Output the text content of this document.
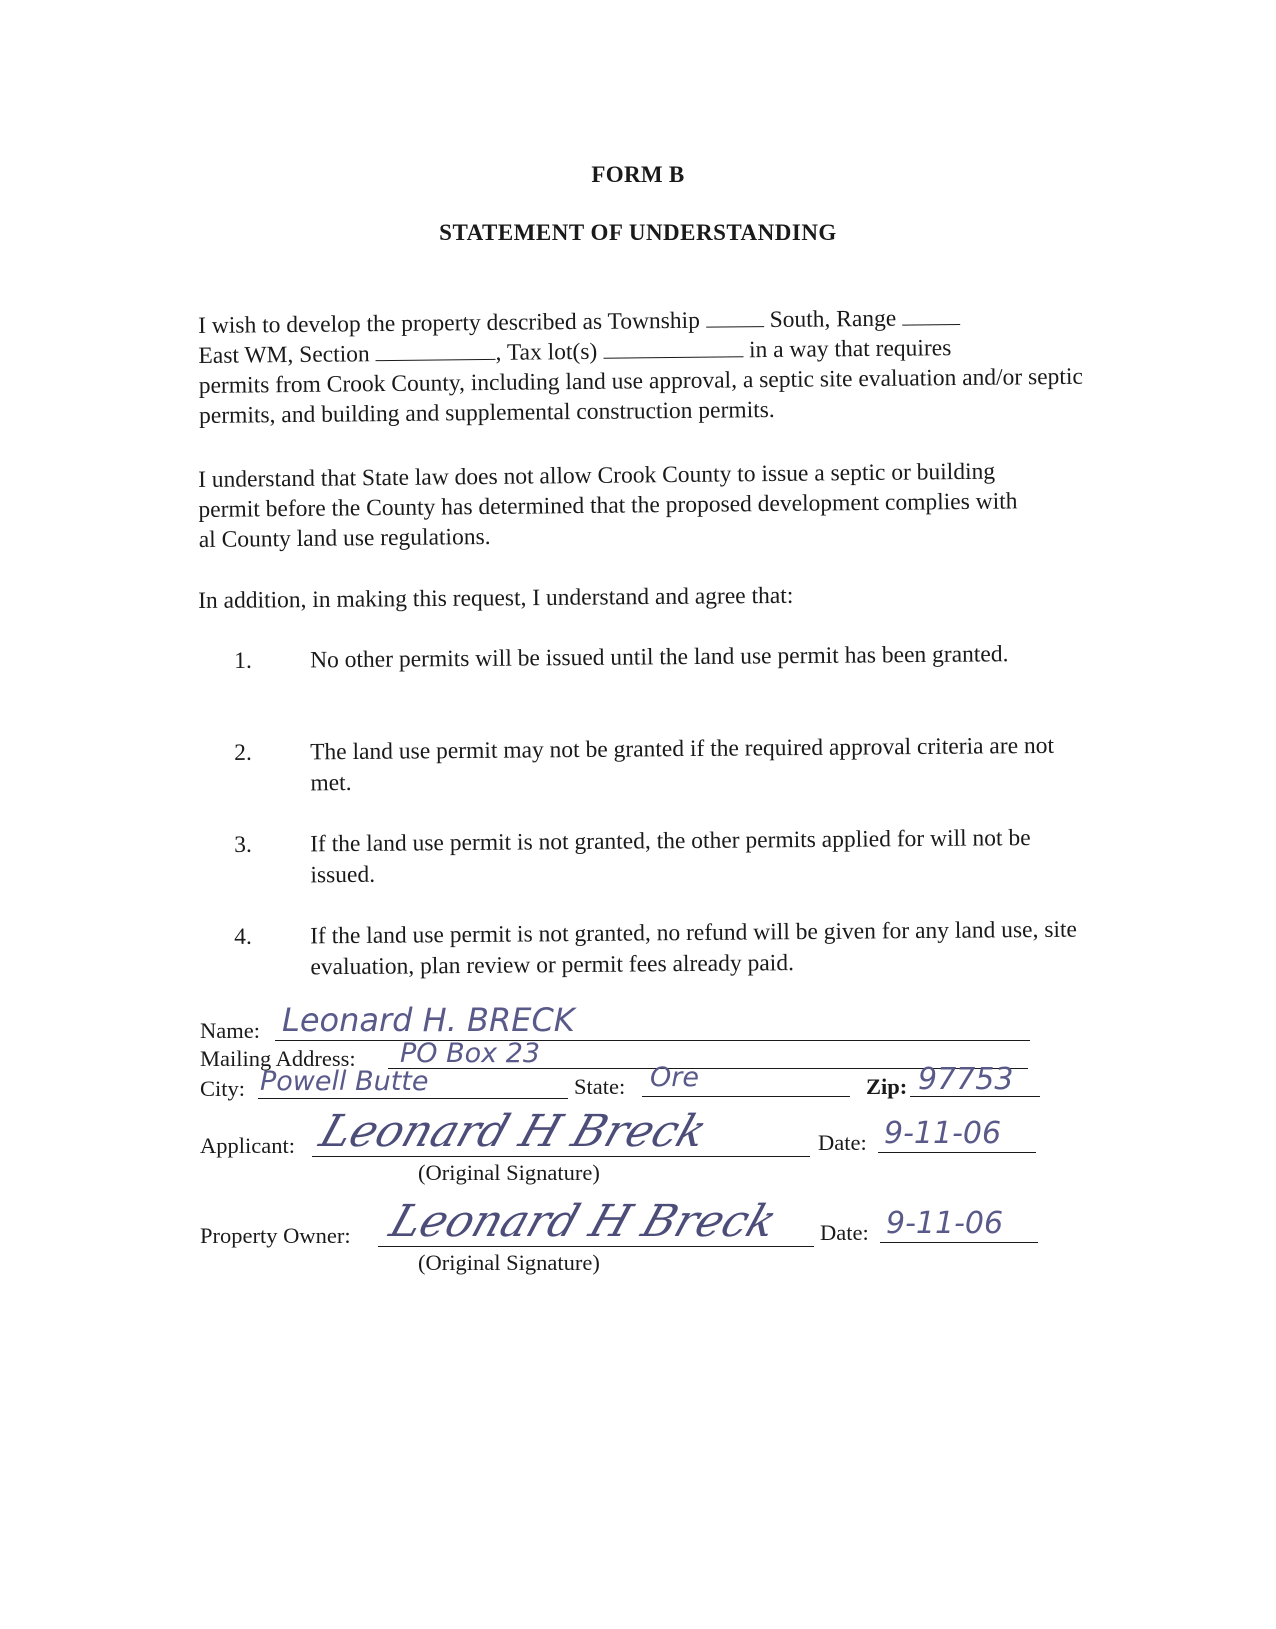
FORM B
STATEMENT OF UNDERSTANDING
I wish to develop the property described as Township  South, Range
East WM, Section	, Tax lot(s)	in a way that requires
permits from Crook County, including land use approval, a septic site evaluation and/or septic permits, and building and supplemental construction permits.
I understand that State law does not allow Crook County to issue a septic or building permit before the County has determined that the proposed development complies with al County land use regulations.
In addition, in making this request, I understand and agree that:
1.	No other permits will be issued until the land use permit has been granted.
2.	The land use permit may not be granted if the required approval criteria are not met.
3.	If the land use permit is not granted, the other permits applied for will not be issued.
4.	If the land use permit is not granted, no refund will be given for any land use, site evaluation, plan review or permit fees already paid.
Name: Leonard H. BRECK
Mailing Address: PO Box 23
City: Powell Butte	State: Ore	Zip: 97753
Applicant: Leonard H Breck
(Original Signature)
Date: 9-11-06
Property Owner: Leonard H Breck
(Original Signature)
Date: 9-11-06
